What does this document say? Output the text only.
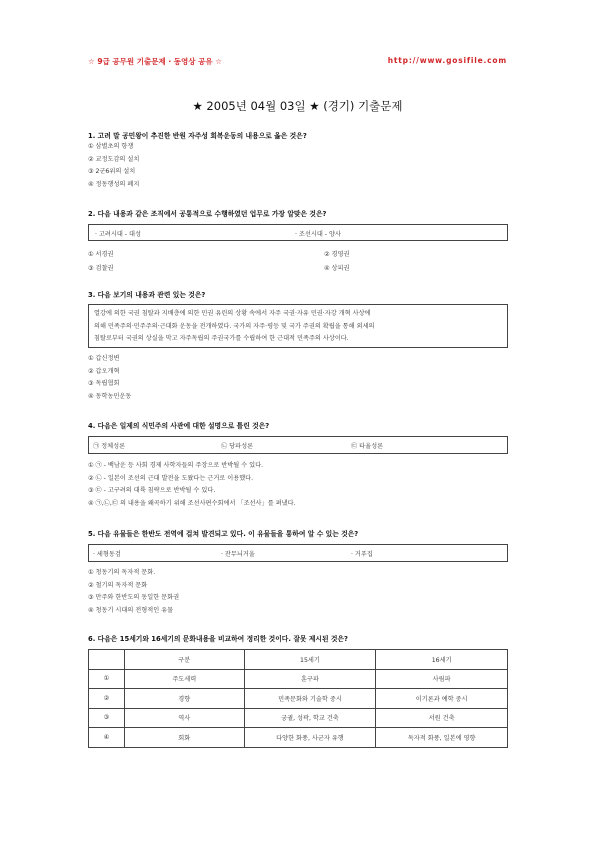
☆ 9급 공무원 기출문제 · 동영상 공유 ☆	http://www.gosifile.com
★ 2005년 04월 03일 ★ (경기) 기출문제
1. 고려 말 공민왕이 추진한 반원 자주성 회복운동의 내용으로 옳은 것은?
① 삼별초의 항쟁
② 교정도감의 설치
③ 2군6위의 설치
④ 정동행성의 폐지
2. 다음 내용과 같은 조직에서 공통적으로 수행하였던 업무로 가장 알맞은 것은?
· 고려시대 - 대성	· 조선시대 - 양사
① 서경권	② 경영권
③ 검찰권	④ 상피권
3. 다음 보기의 내용과 관련 있는 것은?
열강에 의한 국권 침탈과 지배층에 의한 민권 유린의 상황 속에서 자주 국권·자유 민권·자강 개혁 사상에
의해 민족주의·민주주의·근대화 운동을 전개하였다. 국가의 자주·평등 및 국가 주권의 확립을 통해 외세의
침탈로부터 국권의 상실을 막고 자주독립의 주권국가를 수립하여 한 근대적 민족주의 사상이다.
① 갑신정변
② 갑오개혁
③ 독립협회
④ 동학농민운동
4. 다음은 일제의 식민주의 사관에 대한 설명으로 틀린 것은?
㉠ 정체성론	㉡ 당파성론	㉢ 타율성론
① ㉠ - 백남운 등 사회 경제 사학자들의 주장으로 반박될 수 있다.
② ㉡ - 일본이 조선의 근대 발전을 도왔다는 근거로 이용했다.
③ ㉢ - 고구려의 대륙 침략으로 반박될 수 있다.
④ ㉠,㉡,㉢ 의 내용을 왜곡하기 위해 조선사편수회에서 「조선사」를 펴냈다.
5. 다음 유물들은 한반도 전역에 걸쳐 발견되고 있다. 이 유물들을 통하여 알 수 있는 것은?
· 세형동검	· 잔무늬거울	· 거푸집
① 청동기의 독자적 문화.
② 철기의 독자적 문화
③ 만주와 한반도의 동일한 문화권
④ 청동기 시대의 전형적인 유물
6. 다음은 15세기와 16세기의 문화내용을 비교하여 정리한 것이다. 잘못 제시된 것은?
	구분	15세기	16세기
①	주도세력	훈구파	사림파
②	경향	민족문화와 기술학 중시	이기론과 예학 중시
③	역사	궁궐, 성곽, 학교 건축	서원 건축
④	회화	다양한 화풍, 사군자 유행	독자적 화풍, 일본에 영향
